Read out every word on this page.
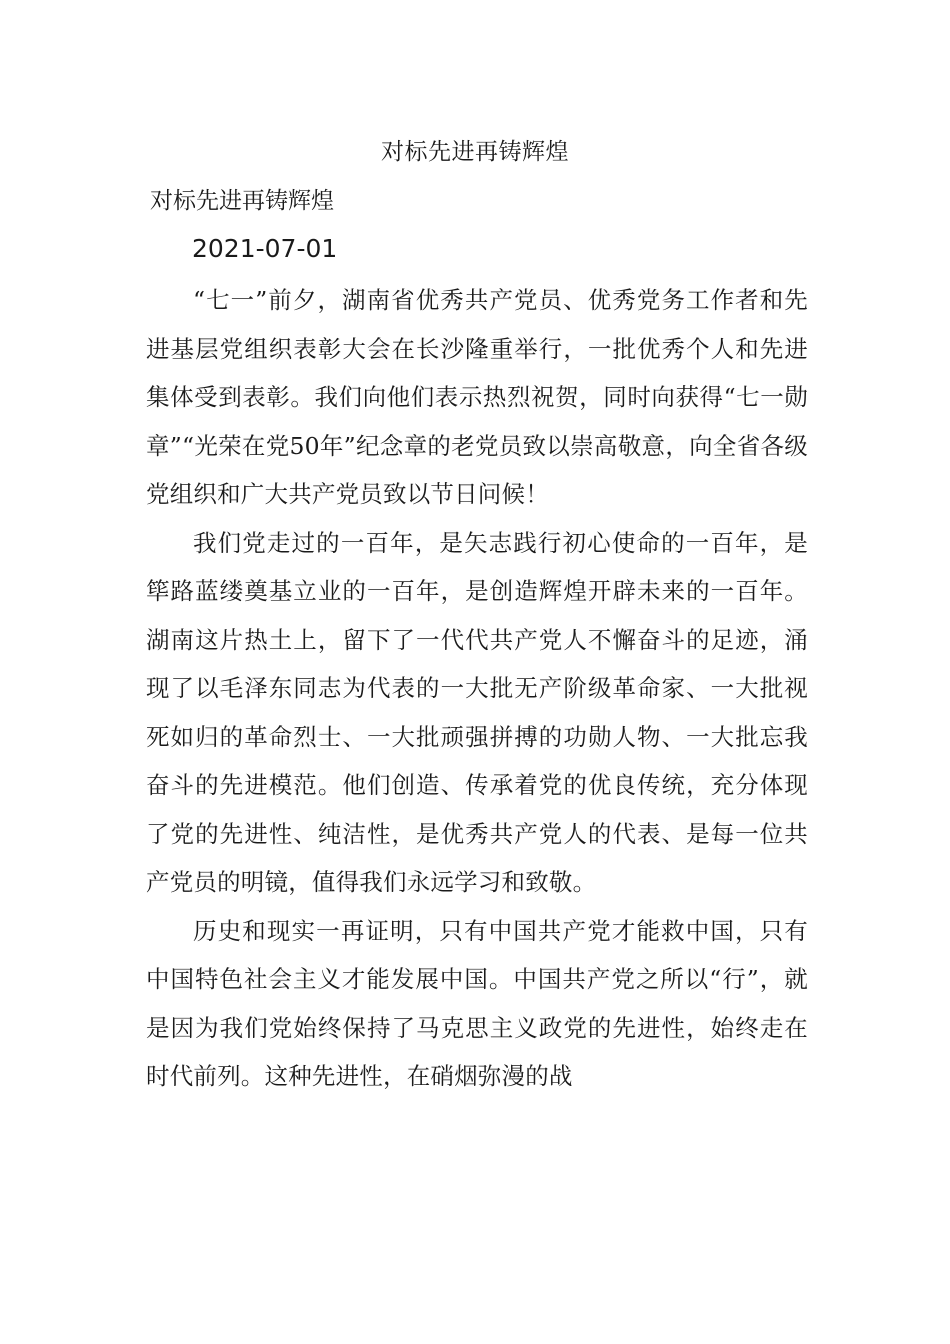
对标先进再铸辉煌
对标先进再铸辉煌
2021-07-01

“七一”前夕，湖南省优秀共产党员、优秀党务工作者和先进基层党组织表彰大会在长沙隆重举行，一批优秀个人和先进集体受到表彰。我们向他们表示热烈祝贺，同时向获得“七一勋章”“光荣在党50年”纪念章的老党员致以崇高敬意，向全省各级党组织和广大共产党员致以节日问候！

我们党走过的一百年，是矢志践行初心使命的一百年，是筚路蓝缕奠基立业的一百年，是创造辉煌开辟未来的一百年。湖南这片热土上，留下了一代代共产党人不懈奋斗的足迹，涌现了以毛泽东同志为代表的一大批无产阶级革命家、一大批视死如归的革命烈士、一大批顽强拼搏的功勋人物、一大批忘我奋斗的先进模范。他们创造、传承着党的优良传统，充分体现了党的先进性、纯洁性，是优秀共产党人的代表、是每一位共产党员的明镜，值得我们永远学习和致敬。

历史和现实一再证明，只有中国共产党才能救中国，只有中国特色社会主义才能发展中国。中国共产党之所以“行”，就是因为我们党始终保持了马克思主义政党的先进性，始终走在时代前列。这种先进性，在硝烟弥漫的战
